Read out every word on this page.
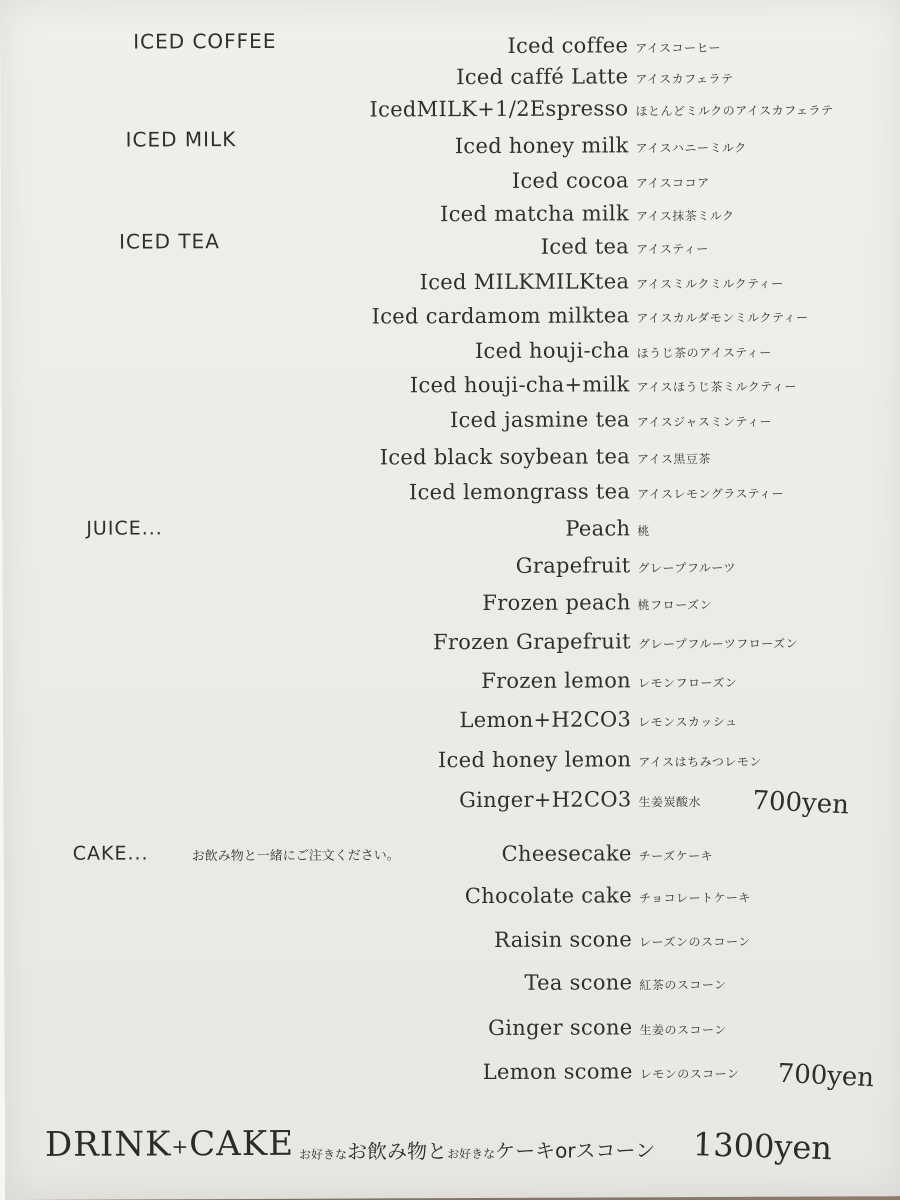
ICED COFFEE
ICED MILK
ICED TEA
JUICE...
CAKE...	お飲み物と一緒にご注文ください。
Iced coffee アイスコーヒー
Iced caffé Latte アイスカフェラテ
IcedMILK+1/2Espresso ほとんどミルクのアイスカフェラテ
Iced honey milk アイスハニーミルク
Iced cocoa アイスココア
Iced matcha milk アイス抹茶ミルク
Iced tea アイスティー
Iced MILKMILKtea アイスミルクミルクティー
Iced cardamom milktea アイスカルダモンミルクティー
Iced houji-cha ほうじ茶のアイスティー
Iced houji-cha+milk アイスほうじ茶ミルクティー
Iced jasmine tea アイスジャスミンティー
Iced black soybean tea アイス黒豆茶
Iced lemongrass tea アイスレモングラスティー
Peach 桃
Grapefruit グレープフルーツ
Frozen peach 桃フローズン
Frozen Grapefruit グレープフルーツフローズン
Frozen lemon レモンフローズン
Lemon+H2CO3 レモンスカッシュ
Iced honey lemon アイスはちみつレモン
Ginger+H2CO3 生姜炭酸水 700yen
Cheesecake チーズケーキ
Chocolate cake チョコレートケーキ
Raisin scone レーズンのスコーン
Tea scone 紅茶のスコーン
Ginger scone 生姜のスコーン
Lemon scome レモンのスコーン 700yen
DRINK+CAKE お好きなお飲み物とお好きなケーキorスコーン 1300yen
